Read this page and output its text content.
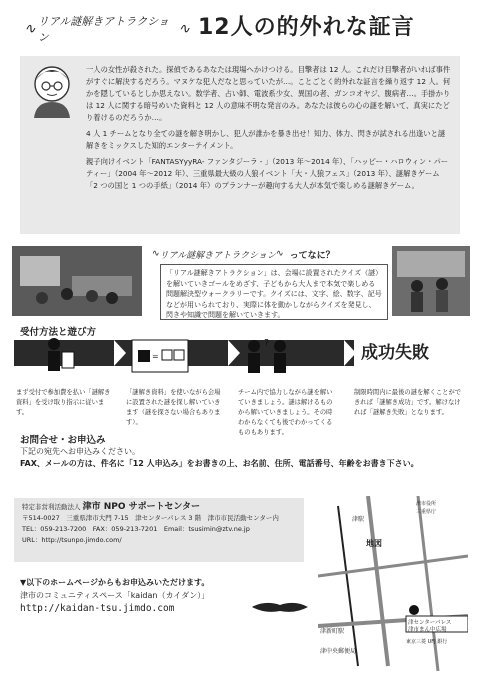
∿ リアル謎解きアトラクション
∿ 12人の的外れな証言

一人の女性が殺された。探偵であるあなたは現場へかけつける。目撃者は 12 人。これだけ目撃者がいれば事件がすぐに解決するだろう。マヌケな犯人だなと思っていたが…。ことごとく的外れな証言を繰り返す 12 人。何かを隠しているとしか思えない。数学者、占い師、電波系少女、異国の者、ガンコオヤジ、腹病者…。手掛かりは 12 人に関する暗号めいた資料と 12 人の意味不明な発言のみ。あなたは彼らの心の謎を解いて、真実にたどり着けるのだろうか…。

4 人 1 チームとなり全ての謎を解き明かし、犯人が誰かを暴き出せ！知力、体力、閃きが試される出逢いと謎解きをミックスした知的エンターテイメント。

親子向けイベント「FANTASYyyRA- ファンタジーラ - 」（2013 年～2014 年）、「ハッピー・ハロウィン・パーティー」（2004 年～2012 年）、三重県最大級の人狼イベント「大・人狼フェス」（2013 年）、謎解きゲーム「2 つの国と 1 つの手紙」（2014 年）のプランナーが趣向する大人が本気で楽しめる謎解きゲーム。

∿ リアル謎解きアトラクション ∿ ってなに？
「リアル謎解きアトラクション」は、会場に設置されたクイズ（謎）を解いていきゴールをめざす、子どもから大人まで本気で楽しめる問題解決型ウォークラリーです。クイズには、文字、絵、数字、記号などが用いられており、実際に体を動かしながらクイズを発見し、閃きや知識で問題を解いていきます。
受付方法と遊び方
=
?	成功失敗
まず受付で参加費を払い「謎解き資料」を受け取り指示に従います。
「謎解き資料」を使いながら会場に設置された謎を探し解いていきます（謎を探さない場合もあります）。
チーム内で協力しながら謎を解いていきましょう。謎は解けるものから解いていきましょう。その時わからなくても後でわかってくるものもあります。
制限時間内に最後の謎を解くことができれば「謎解き成功」です。解けなければ「謎解き失敗」となります。
お問合せ・お申込み
下記の宛先へお申込みください。
FAX、メールの方は、件名に「12 人申込み」をお書きの上、お名前、住所、電話番号、年齢をお書き下さい。
特定非営利活動法人 津市 NPO サポートセンター
〒514-0027　三重県津市大門 7-15　津センターパレス 3 階　津市市民活動センター内
TEL：059-213-7200　 FAX：059-213-7201　 Email：tsusimin@ztv.ne.jp
URL：http://tsunpo.jimdo.com/
▼以下のホームページからもお申込みいただけます。
津市のコミュニティスペース「kaidan（カイダン）」
http://kaidan-tsu.jimdo.com
地図
津駅
津新町駅
津中央郵便局
津センターパレス
津市まん中広場
東京三菱 UFJ 銀行
津市役所
三重県庁
